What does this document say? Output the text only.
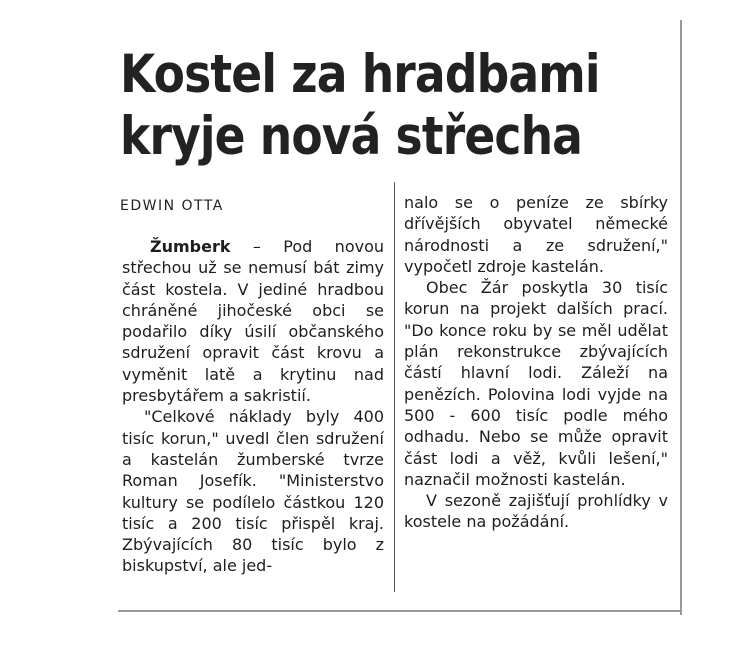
Kostel za hradbami
kryje nová střecha
EDWIN OTTA

Žumberk – Pod novou střechou už se nemusí bát zimy část kostela. V jediné hradbou chráněné jihočeské obci se podařilo díky úsilí občanského sdružení opravit část krovu a vyměnit latě a krytinu nad presbytářem a sakristií.

"Celkové náklady byly 400 tisíc korun," uvedl člen sdružení a kastelán žumberské tvrze Roman Josefík. "Ministerstvo kultury se podílelo částkou 120 tisíc a 200 tisíc přispěl kraj. Zbývajících 80 tisíc bylo z biskupství, ale jed-

nalo se o peníze ze sbírky dřívějších obyvatel německé národnosti a ze sdružení," vypočetl zdroje kastelán.

Obec Žár poskytla 30 tisíc korun na projekt dalších prací. "Do konce roku by se měl udělat plán rekonstrukce zbývajících částí hlavní lodi. Záleží na penězích. Polovina lodi vyjde na 500 - 600 tisíc podle mého odhadu. Nebo se může opravit část lodi a věž, kvůli lešení," naznačil možnosti kastelán.

V sezoně zajišťují prohlídky v kostele na požádání.
